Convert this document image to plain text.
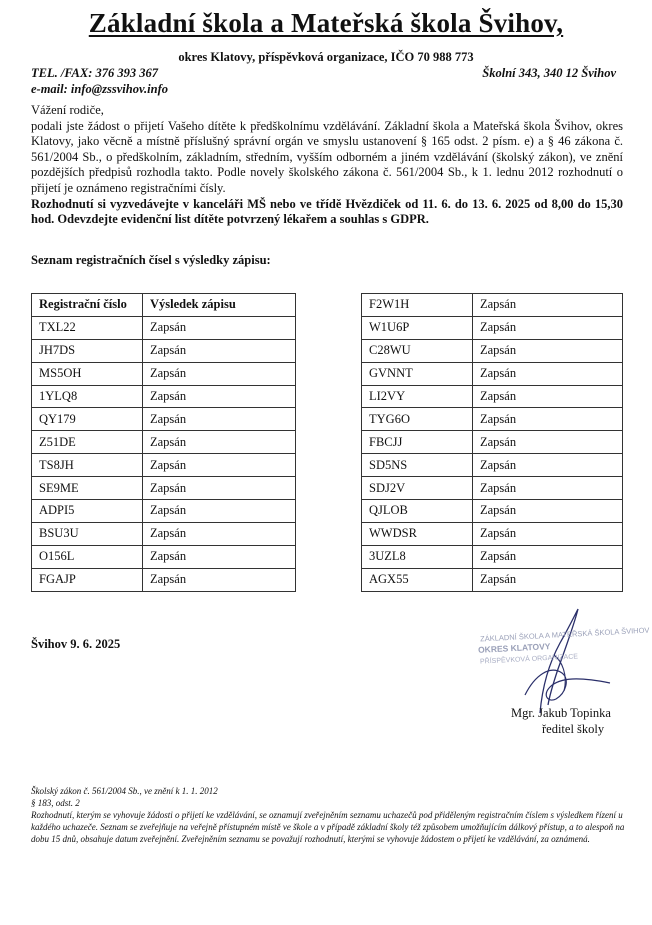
Základní škola a Mateřská škola Švihov,
okres Klatovy, příspěvková organizace, IČO 70 988 773
TEL. /FAX: 376 393 367	Školní 343, 340 12 Švihov
e-mail: info@zssvihov.info

Vážení rodiče,

podali jste žádost o přijetí Vašeho dítěte k předškolnímu vzdělávání. Základní škola a Mateřská škola Švihov, okres Klatovy, jako věcně a místně příslušný správní orgán ve smyslu ustanovení § 165 odst. 2 písm. e) a § 46 zákona č. 561/2004 Sb., o předškolním, základním, středním, vyšším odborném a jiném vzdělávání (školský zákon), ve znění pozdějších předpisů rozhodla takto. Podle novely školského zákona č. 561/2004 Sb., k 1. lednu 2012 rozhodnutí o přijetí je oznámeno registračními čísly.

Rozhodnutí si vyzvedávejte v kanceláři MŠ nebo ve třídě Hvězdiček od 11. 6. do 13. 6. 2025 od 8,00 do 15,30 hod. Odevzdejte evidenční list dítěte potvrzený lékařem a souhlas s GDPR.

Seznam registračních čísel s výsledky zápisu:
Registrační číslo	Výsledek zápisu
TXL22	Zapsán
JH7DS	Zapsán
MS5OH	Zapsán
1YLQ8	Zapsán
QY179	Zapsán
Z51DE	Zapsán
TS8JH	Zapsán
SE9ME	Zapsán
ADPI5	Zapsán
BSU3U	Zapsán
O156L	Zapsán
FGAJP	Zapsán
F2W1H	Zapsán
W1U6P	Zapsán
C28WU	Zapsán
GVNNT	Zapsán
LI2VY	Zapsán
TYG6O	Zapsán
FBCJJ	Zapsán
SD5NS	Zapsán
SDJ2V	Zapsán
QJLOB	Zapsán
WWDSR	Zapsán
3UZL8	Zapsán
AGX55	Zapsán
Švihov 9. 6. 2025
ZÁKLADNÍ ŠKOLA A MATEŘSKÁ ŠKOLA ŠVIHOV
OKRES KLATOVY
PŘÍSPĚVKOVÁ ORGANIZACE
Mgr. Jakub Topinka
ředitel školy

Školský zákon č. 561/2004 Sb., ve znění k 1. 1. 2012

§ 183, odst. 2

Rozhodnutí, kterým se vyhovuje žádosti o přijetí ke vzdělávání, se oznamují zveřejněním seznamu uchazečů pod přiděleným registračním číslem s výsledkem řízení u každého uchazeče. Seznam se zveřejňuje na veřejně přístupném místě ve škole a v případě základní školy též způsobem umožňujícím dálkový přístup, a to alespoň na dobu 15 dnů, obsahuje datum zveřejnění. Zveřejněním seznamu se považují rozhodnutí, kterými se vyhovuje žádostem o přijetí ke vzdělávání, za oznámená.
